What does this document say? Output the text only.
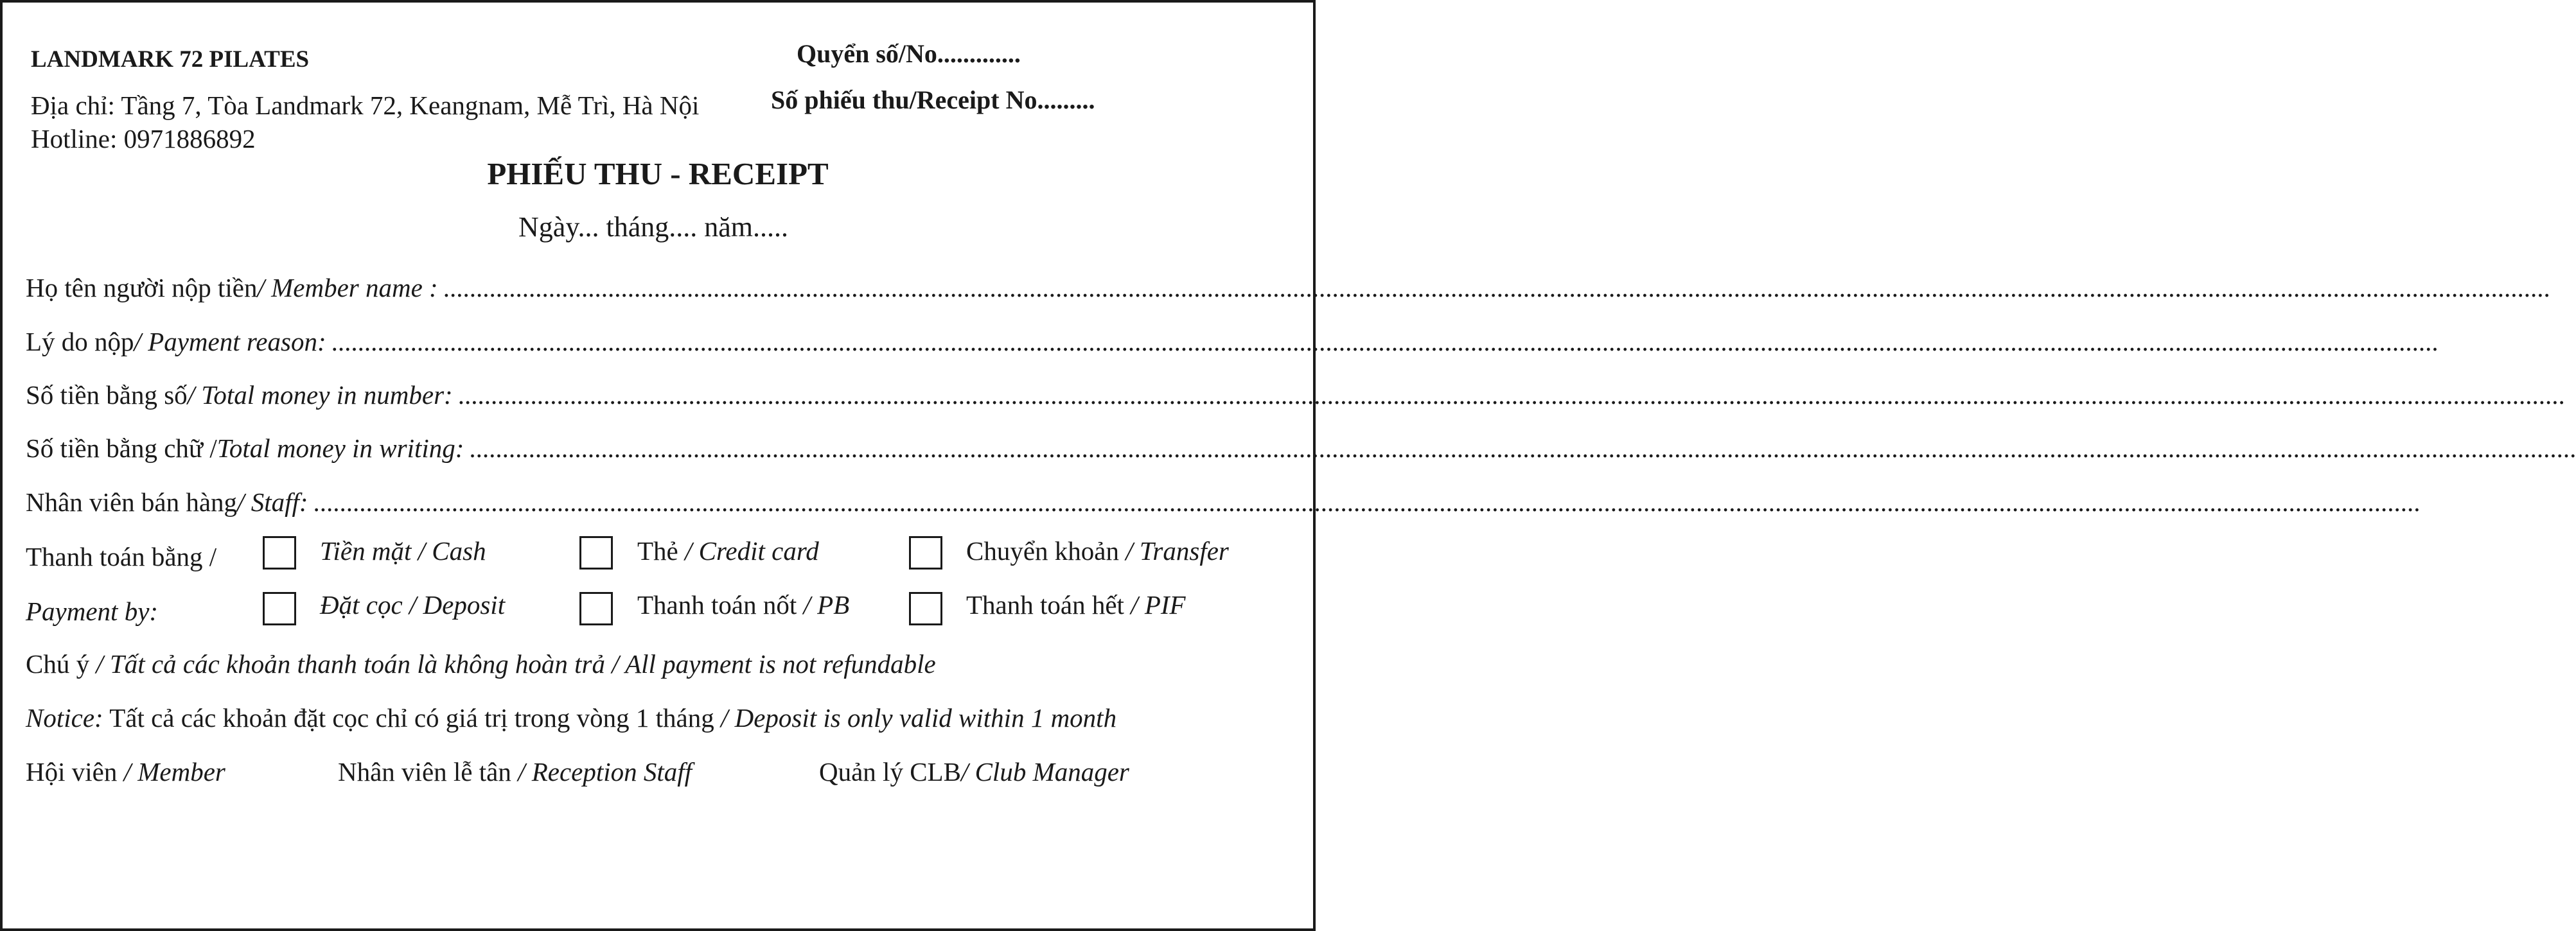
LANDMARK 72 PILATES
Địa chỉ: Tầng 7, Tòa Landmark 72, Keangnam, Mễ Trì, Hà Nội
Hotline: 0971886892
Quyển số/No.............
Số phiếu thu/Receipt No.........
PHIẾU THU - RECEIPT
Ngày... tháng.... năm.....
Họ tên người nộp tiền / Member name : ................................................................................................................................................................................................................................................................................................................................
Lý do nộp / Payment reason: ................................................................................................................................................................................................................................................................................................................................
Số tiền bằng số / Total money in number: ................................................................................................................................................................................................................................................................................................................................
Số tiền bằng chữ / Total money in writing: ................................................................................................................................................................................................................................................................................................................................
Nhân viên bán hàng / Staff: ................................................................................................................................................................................................................................................................................................................................
Thanh toán bằng /
Payment by:
Tiền mặt / Cash	Thẻ / Credit card	Chuyển khoản / Transfer
Đặt cọc / Deposit	Thanh toán nốt / PB	Thanh toán hết / PIF
Chú ý / Tất cả các khoản thanh toán là không hoàn trả / All payment is not refundable
Notice: Tất cả các khoản đặt cọc chỉ có giá trị trong vòng 1 tháng / Deposit is only valid within 1 month
Hội viên / Member	Nhân viên lễ tân / Reception Staff	Quản lý CLB/ Club Manager
